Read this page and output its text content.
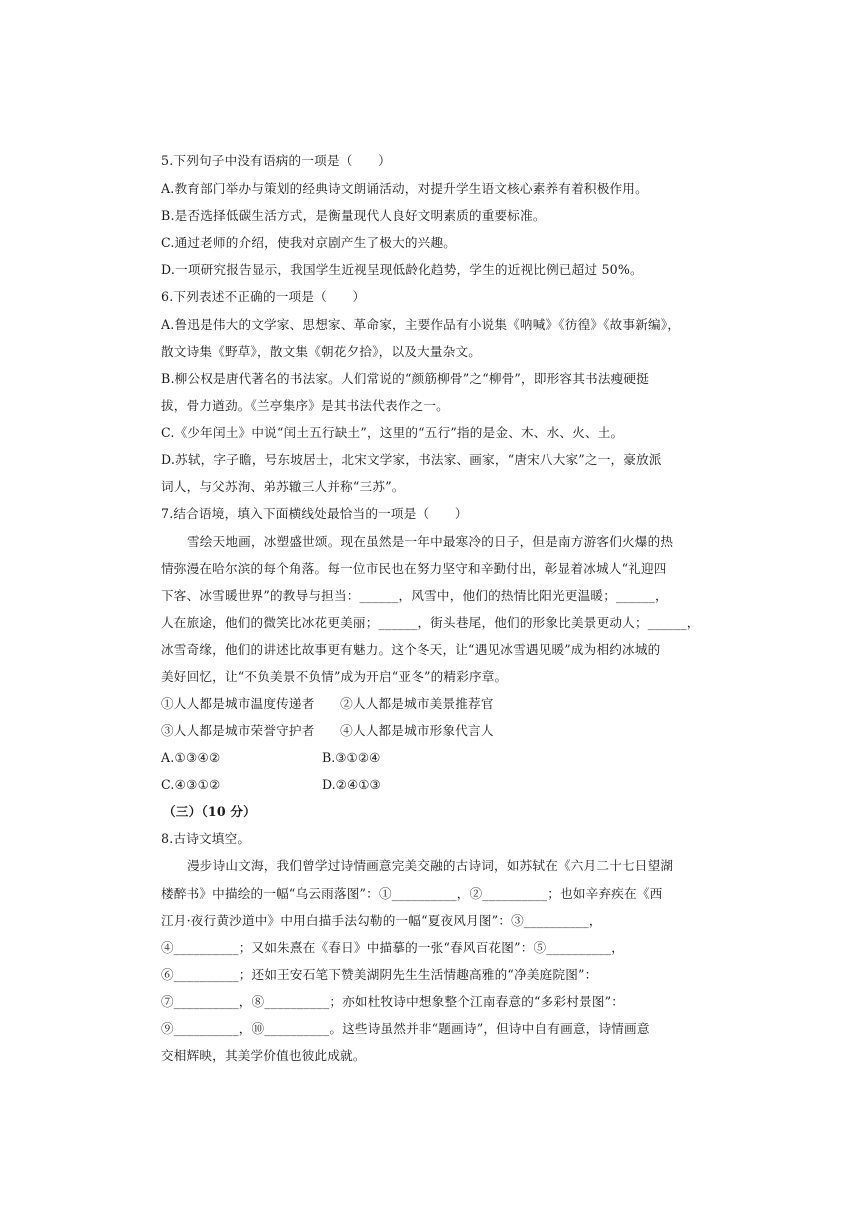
5.下列句子中没有语病的一项是（　　）
A.教育部门举办与策划的经典诗文朗诵活动，对提升学生语文核心素养有着积极作用。
B.是否选择低碳生活方式，是衡量现代人良好文明素质的重要标准。
C.通过老师的介绍，使我对京剧产生了极大的兴趣。
D.一项研究报告显示，我国学生近视呈现低龄化趋势，学生的近视比例已超过 50%。
6.下列表述不正确的一项是（　　）
A.鲁迅是伟大的文学家、思想家、革命家，主要作品有小说集《呐喊》《彷徨》《故事新编》，
散文诗集《野草》，散文集《朝花夕拾》，以及大量杂文。
B.柳公权是唐代著名的书法家。人们常说的“颜筋柳骨”之“柳骨”，即形容其书法瘦硬挺
拔，骨力遒劲。《兰亭集序》是其书法代表作之一。
C.《少年闰土》中说“闰土五行缺土”，这里的“五行”指的是金、木、水、火、土。
D.苏轼，字子瞻，号东坡居士，北宋文学家，书法家、画家，“唐宋八大家”之一，豪放派
词人，与父苏洵、弟苏辙三人并称“三苏”。
7.结合语境，填入下面横线处最恰当的一项是（　　）
雪绘天地画，冰塑盛世颂。现在虽然是一年中最寒冷的日子，但是南方游客们火爆的热
情弥漫在哈尔滨的每个角落。每一位市民也在努力坚守和辛勤付出，彰显着冰城人“礼迎四
下客、冰雪暖世界”的教导与担当：______，风雪中，他们的热情比阳光更温暖；______，
人在旅途，他们的微笑比冰花更美丽；______，街头巷尾，他们的形象比美景更动人；______，
冰雪奇缘，他们的讲述比故事更有魅力。这个冬天，让“遇见冰雪遇见暖”成为相约冰城的
美好回忆，让“不负美景不负情”成为开启“亚冬”的精彩序章。
①人人都是城市温度传递者　　②人人都是城市美景推荐官
③人人都是城市荣誉守护者　　④人人都是城市形象代言人
A.①③④②	B.③①②④
C.④③①②	D.②④①③
（三）（10 分）
8.古诗文填空。
漫步诗山文海，我们曾学过诗情画意完美交融的古诗词，如苏轼在《六月二十七日望湖
楼醉书》中描绘的一幅“乌云雨落图”：①__________，②__________；也如辛弃疾在《西
江月·夜行黄沙道中》中用白描手法勾勒的一幅“夏夜风月图”：③__________，
④__________；又如朱熹在《春日》中描摹的一张“春风百花图”：⑤__________，
⑥__________；还如王安石笔下赞美湖阴先生生活情趣高雅的“净美庭院图”：
⑦__________，⑧__________；亦如杜牧诗中想象整个江南春意的“多彩村景图”：
⑨__________，⑩__________。这些诗虽然并非“题画诗”，但诗中自有画意，诗情画意
交相辉映，其美学价值也彼此成就。
